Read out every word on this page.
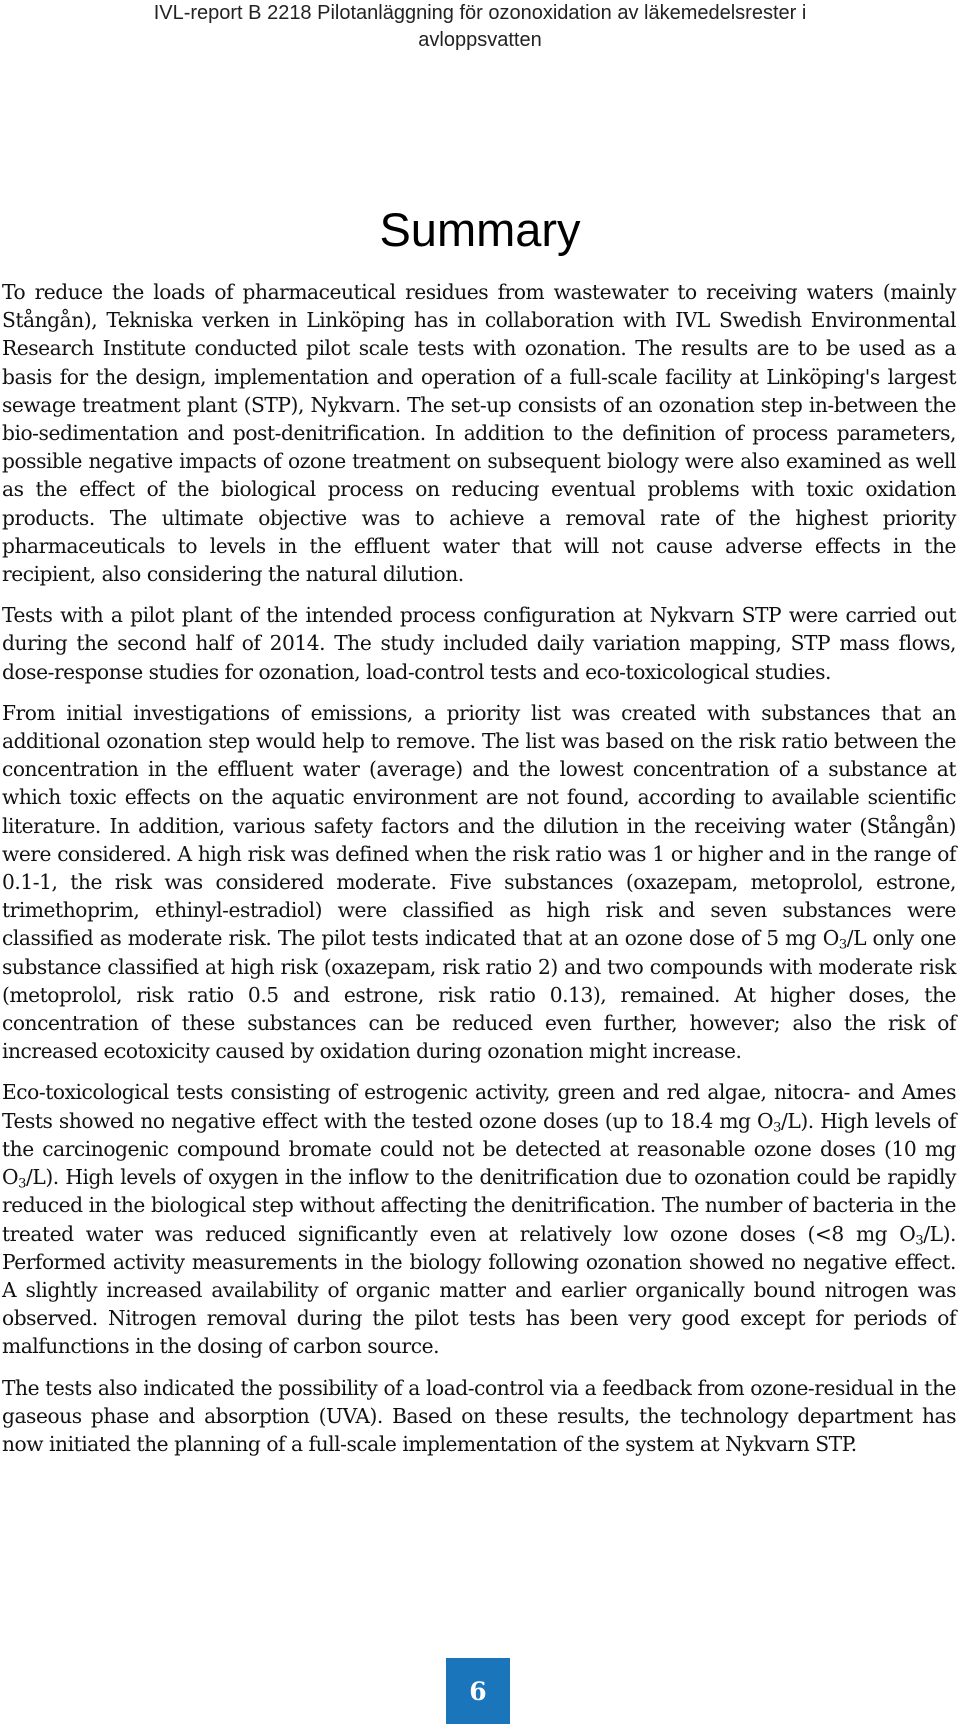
IVL-report B 2218 Pilotanläggning för ozonoxidation av läkemedelsrester i
avloppsvatten
Summary

To reduce the loads of pharmaceutical residues from wastewater to receiving waters (mainly Stångån), Tekniska verken in Linköping has in collaboration with IVL Swedish Environmental Research Institute conducted pilot scale tests with ozonation. The results are to be used as a basis for the design, implementation and operation of a full-scale facility at Linköping's largest sewage treatment plant (STP), Nykvarn. The set-up consists of an ozonation step in-between the bio-sedimentation and post-denitrification. In addition to the definition of process parameters, possible negative impacts of ozone treatment on subsequent biology were also examined as well as the effect of the biological process on reducing eventual problems with toxic oxidation products. The ultimate objective was to achieve a removal rate of the highest priority pharmaceuticals to levels in the effluent water that will not cause adverse effects in the recipient, also considering the natural dilution.

Tests with a pilot plant of the intended process configuration at Nykvarn STP were carried out during the second half of 2014. The study included daily variation mapping, STP mass flows, dose-response studies for ozonation, load-control tests and eco-toxicological studies.

From initial investigations of emissions, a priority list was created with substances that an additional ozonation step would help to remove. The list was based on the risk ratio between the concentration in the effluent water (average) and the lowest concentration of a substance at which toxic effects on the aquatic environment are not found, according to available scientific literature. In addition, various safety factors and the dilution in the receiving water (Stångån) were considered. A high risk was defined when the risk ratio was 1 or higher and in the range of 0.1-1, the risk was considered moderate. Five substances (oxazepam, metoprolol, estrone, trimethoprim, ethinyl-estradiol) were classified as high risk and seven substances were classified as moderate risk. The pilot tests indicated that at an ozone dose of 5 mg $O_3/L$ only one substance classified at high risk (oxazepam, risk ratio 2) and two compounds with moderate risk (metoprolol, risk ratio 0.5 and estrone, risk ratio 0.13), remained. At higher doses, the concentration of these substances can be reduced even further, however; also the risk of increased ecotoxicity caused by oxidation during ozonation might increase.

Eco-toxicological tests consisting of estrogenic activity, green and red algae, nitocra- and Ames Tests showed no negative effect with the tested ozone doses (up to 18.4 mg $O_3/L$). High levels of the carcinogenic compound bromate could not be detected at reasonable ozone doses (10 mg $O_3/L$). High levels of oxygen in the inflow to the denitrification due to ozonation could be rapidly reduced in the biological step without affecting the denitrification. The number of bacteria in the treated water was reduced significantly even at relatively low ozone doses (<8 mg $O_3/L$). Performed activity measurements in the biology following ozonation showed no negative effect. A slightly increased availability of organic matter and earlier organically bound nitrogen was observed. Nitrogen removal during the pilot tests has been very good except for periods of malfunctions in the dosing of carbon source.

The tests also indicated the possibility of a load-control via a feedback from ozone-residual in the gaseous phase and absorption (UVA). Based on these results, the technology department has now initiated the planning of a full-scale implementation of the system at Nykvarn STP.

6
